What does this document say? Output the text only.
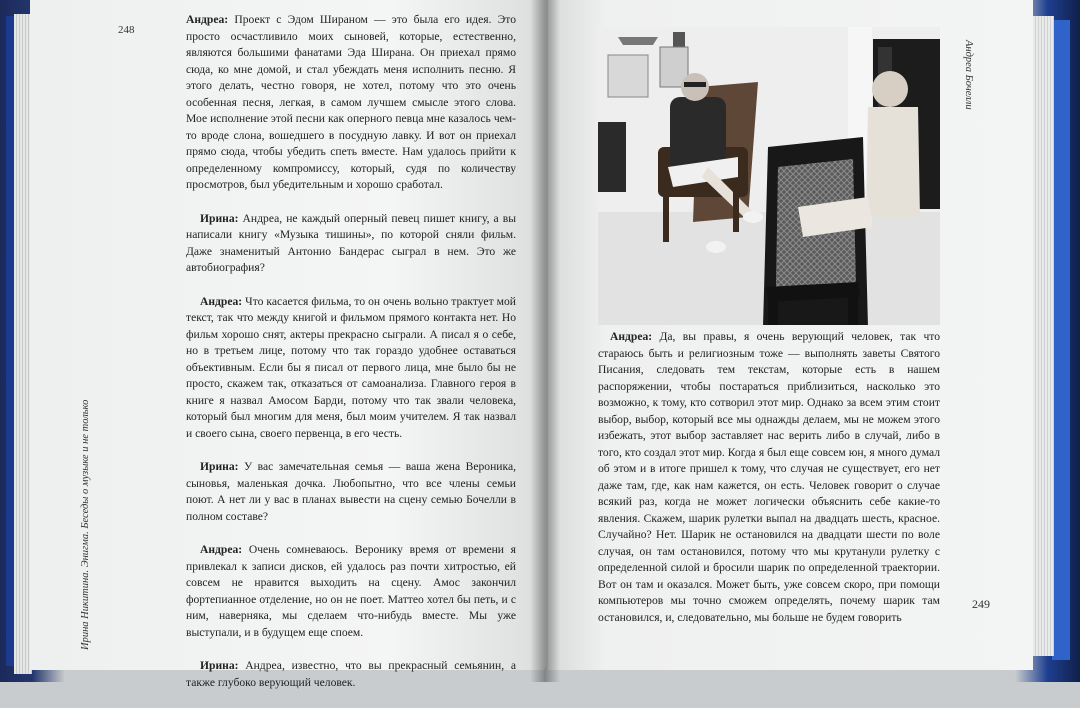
248
249
Ирина Никитина. Энигма. Беседы о музыке и не только
Андреа Бочелли

Андреа: Проект с Эдом Шираном — это была его идея. Это просто осчастливило моих сыновей, которые, естественно, являются большими фанатами Эда Ширана. Он приехал прямо сюда, ко мне домой, и стал убеждать меня исполнить песню. Я этого делать, честно говоря, не хотел, потому что это очень особенная песня, легкая, в самом лучшем смысле этого слова. Мое исполнение этой песни как оперного певца мне казалось чем-то вроде слона, вошедшего в посудную лавку. И вот он приехал прямо сюда, чтобы убедить спеть вместе. Нам удалось прийти к определенному компромиссу, который, судя по количеству просмотров, был убедительным и хорошо сработал.

Ирина: Андреа, не каждый оперный певец пишет книгу, а вы написали книгу «Музыка тишины», по которой сняли фильм. Даже знаменитый Антонио Бандерас сыграл в нем. Это же автобиография?

Андреа: Что касается фильма, то он очень вольно трактует мой текст, так что между книгой и фильмом прямого контакта нет. Но фильм хорошо снят, актеры прекрасно сыграли. А писал я о себе, но в третьем лице, потому что так гораздо удобнее оставаться объективным. Если бы я писал от первого лица, мне было бы не просто, скажем так, отказаться от самоанализа. Главного героя в книге я назвал Амосом Барди, потому что так звали человека, который был многим для меня, был моим учителем. Я так назвал и своего сына, своего первенца, в его честь.

Ирина: У вас замечательная семья — ваша жена Вероника, сыновья, маленькая дочка. Любопытно, что все члены семьи поют. А нет ли у вас в планах вывести на сцену семью Бочелли в полном составе?

Андреа: Очень сомневаюсь. Веронику время от времени я привлекал к записи дисков, ей удалось раз почти хитростью, ей совсем не нравится выходить на сцену. Амос закончил фортепианное отделение, но он не поет. Маттео хотел бы петь, и с ним, наверняка, мы сделаем что-нибудь вместе. Мы уже выступали, и в будущем еще споем.

Ирина: Андреа, известно, что вы прекрасный семьянин, а также глубоко верующий человек.

Андреа: Да, вы правы, я очень верующий человек, так что стараюсь быть и религиозным тоже — выполнять заветы Святого Писания, следовать тем текстам, которые есть в нашем распоряжении, чтобы постараться приблизиться, насколько это возможно, к тому, кто сотворил этот мир. Однако за всем этим стоит выбор, выбор, который все мы однажды делаем, мы не можем этого избежать, этот выбор заставляет нас верить либо в случай, либо в того, кто создал этот мир. Когда я был еще совсем юн, я много думал об этом и в итоге пришел к тому, что случая не существует, его нет даже там, где, как нам кажется, он есть. Человек говорит о случае всякий раз, когда не может логически объяснить себе какие-то явления. Скажем, шарик рулетки выпал на двадцать шесть, красное. Случайно? Нет. Шарик не остановился на двадцати шести по воле случая, он там остановился, потому что мы крутанули рулетку с определенной силой и бросили шарик по определенной траектории. Вот он там и оказался. Может быть, уже совсем скоро, при помощи компьютеров мы точно сможем определять, почему шарик там остановился, и, следовательно, мы больше не будем говорить
